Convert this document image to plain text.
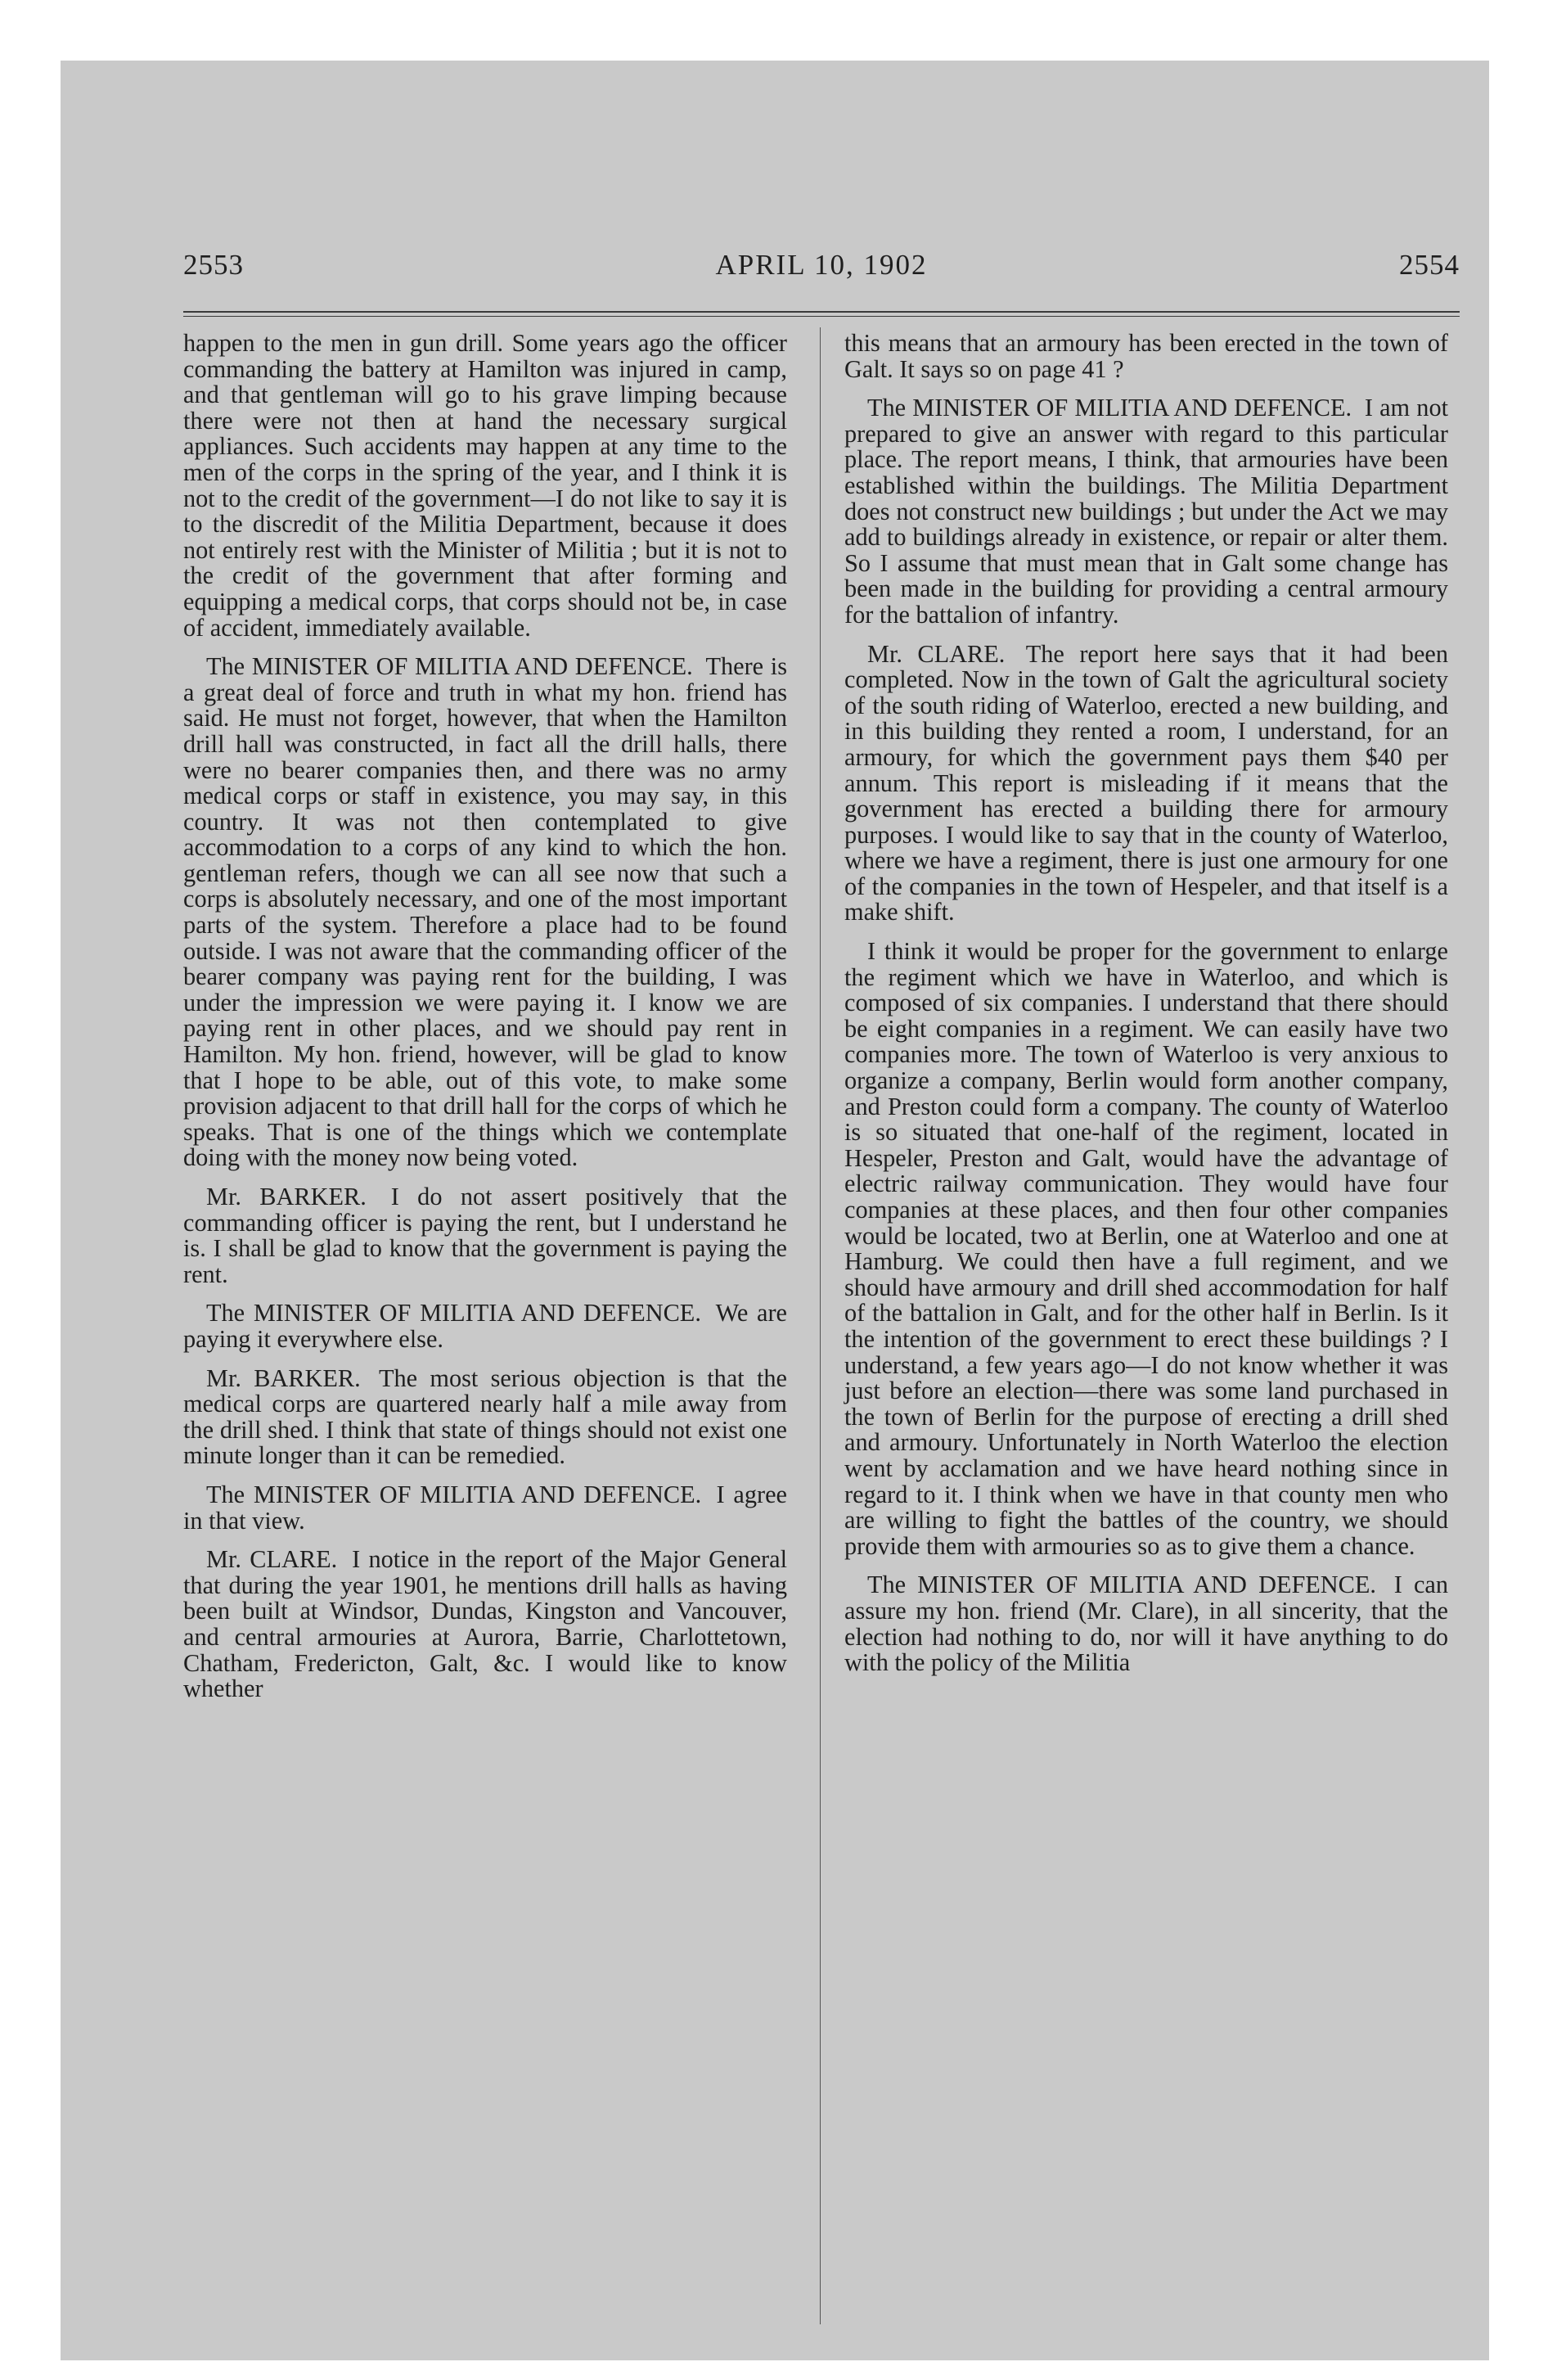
2553	APRIL 10, 1902	2554

happen to the men in gun drill. Some years ago the officer commanding the battery at Hamilton was injured in camp, and that gentleman will go to his grave limping because there were not then at hand the necessary surgical appliances. Such accidents may happen at any time to the men of the corps in the spring of the year, and I think it is not to the credit of the government—I do not like to say it is to the discredit of the Militia Department, because it does not entirely rest with the Minister of Militia ; but it is not to the credit of the government that after forming and equipping a medical corps, that corps should not be, in case of accident, immediately available.

The MINISTER OF MILITIA AND DEFENCE. There is a great deal of force and truth in what my hon. friend has said. He must not forget, however, that when the Hamilton drill hall was constructed, in fact all the drill halls, there were no bearer companies then, and there was no army medical corps or staff in existence, you may say, in this country. It was not then contemplated to give accommodation to a corps of any kind to which the hon. gentleman refers, though we can all see now that such a corps is absolutely necessary, and one of the most important parts of the system. Therefore a place had to be found outside. I was not aware that the commanding officer of the bearer company was paying rent for the building, I was under the impression we were paying it. I know we are paying rent in other places, and we should pay rent in Hamilton. My hon. friend, however, will be glad to know that I hope to be able, out of this vote, to make some provision adjacent to that drill hall for the corps of which he speaks. That is one of the things which we contemplate doing with the money now being voted.

Mr. BARKER. I do not assert positively that the commanding officer is paying the rent, but I understand he is. I shall be glad to know that the government is paying the rent.

The MINISTER OF MILITIA AND DEFENCE. We are paying it everywhere else.

Mr. BARKER. The most serious objection is that the medical corps are quartered nearly half a mile away from the drill shed. I think that state of things should not exist one minute longer than it can be remedied.

The MINISTER OF MILITIA AND DEFENCE. I agree in that view.

Mr. CLARE. I notice in the report of the Major General that during the year 1901, he mentions drill halls as having been built at Windsor, Dundas, Kingston and Vancouver, and central armouries at Aurora, Barrie, Charlottetown, Chatham, Fredericton, Galt, &c. I would like to know whether

this means that an armoury has been erected in the town of Galt. It says so on page 41 ?

The MINISTER OF MILITIA AND DEFENCE. I am not prepared to give an answer with regard to this particular place. The report means, I think, that armouries have been established within the buildings. The Militia Department does not construct new buildings ; but under the Act we may add to buildings already in existence, or repair or alter them. So I assume that must mean that in Galt some change has been made in the building for providing a central armoury for the battalion of infantry.

Mr. CLARE. The report here says that it had been completed. Now in the town of Galt the agricultural society of the south riding of Waterloo, erected a new building, and in this building they rented a room, I understand, for an armoury, for which the government pays them $40 per annum. This report is misleading if it means that the government has erected a building there for armoury purposes. I would like to say that in the county of Waterloo, where we have a regiment, there is just one armoury for one of the companies in the town of Hespeler, and that itself is a make shift.

I think it would be proper for the government to enlarge the regiment which we have in Waterloo, and which is composed of six companies. I understand that there should be eight companies in a regiment. We can easily have two companies more. The town of Waterloo is very anxious to organize a company, Berlin would form another company, and Preston could form a company. The county of Waterloo is so situated that one-half of the regiment, located in Hespeler, Preston and Galt, would have the advantage of electric railway communication. They would have four companies at these places, and then four other companies would be located, two at Berlin, one at Waterloo and one at Hamburg. We could then have a full regiment, and we should have armoury and drill shed accommodation for half of the battalion in Galt, and for the other half in Berlin. Is it the intention of the government to erect these buildings ? I understand, a few years ago—I do not know whether it was just before an election—there was some land purchased in the town of Berlin for the purpose of erecting a drill shed and armoury. Unfortunately in North Waterloo the election went by acclamation and we have heard nothing since in regard to it. I think when we have in that county men who are willing to fight the battles of the country, we should provide them with armouries so as to give them a chance.

The MINISTER OF MILITIA AND DEFENCE. I can assure my hon. friend (Mr. Clare), in all sincerity, that the election had nothing to do, nor will it have anything to do with the policy of the Militia
